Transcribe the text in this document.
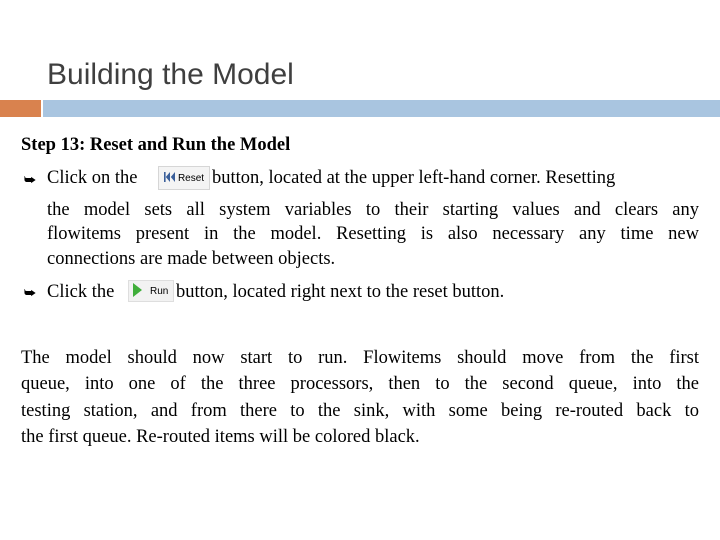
Building the Model
Step 13: Reset and Run the Model
⮩ Click on the	Reset button, located at the upper left-hand corner. Resetting
the model sets all system variables to their starting values and clears any
flowitems present in the model. Resetting is also necessary any time new
connections are made between objects.
⮩ Click the	Run button, located right next to the reset button.
The model should now start to run. Flowitems should move from the first
queue, into one of the three processors, then to the second queue, into the
testing station, and from there to the sink, with some being re-routed back to
the first queue. Re-routed items will be colored black.
